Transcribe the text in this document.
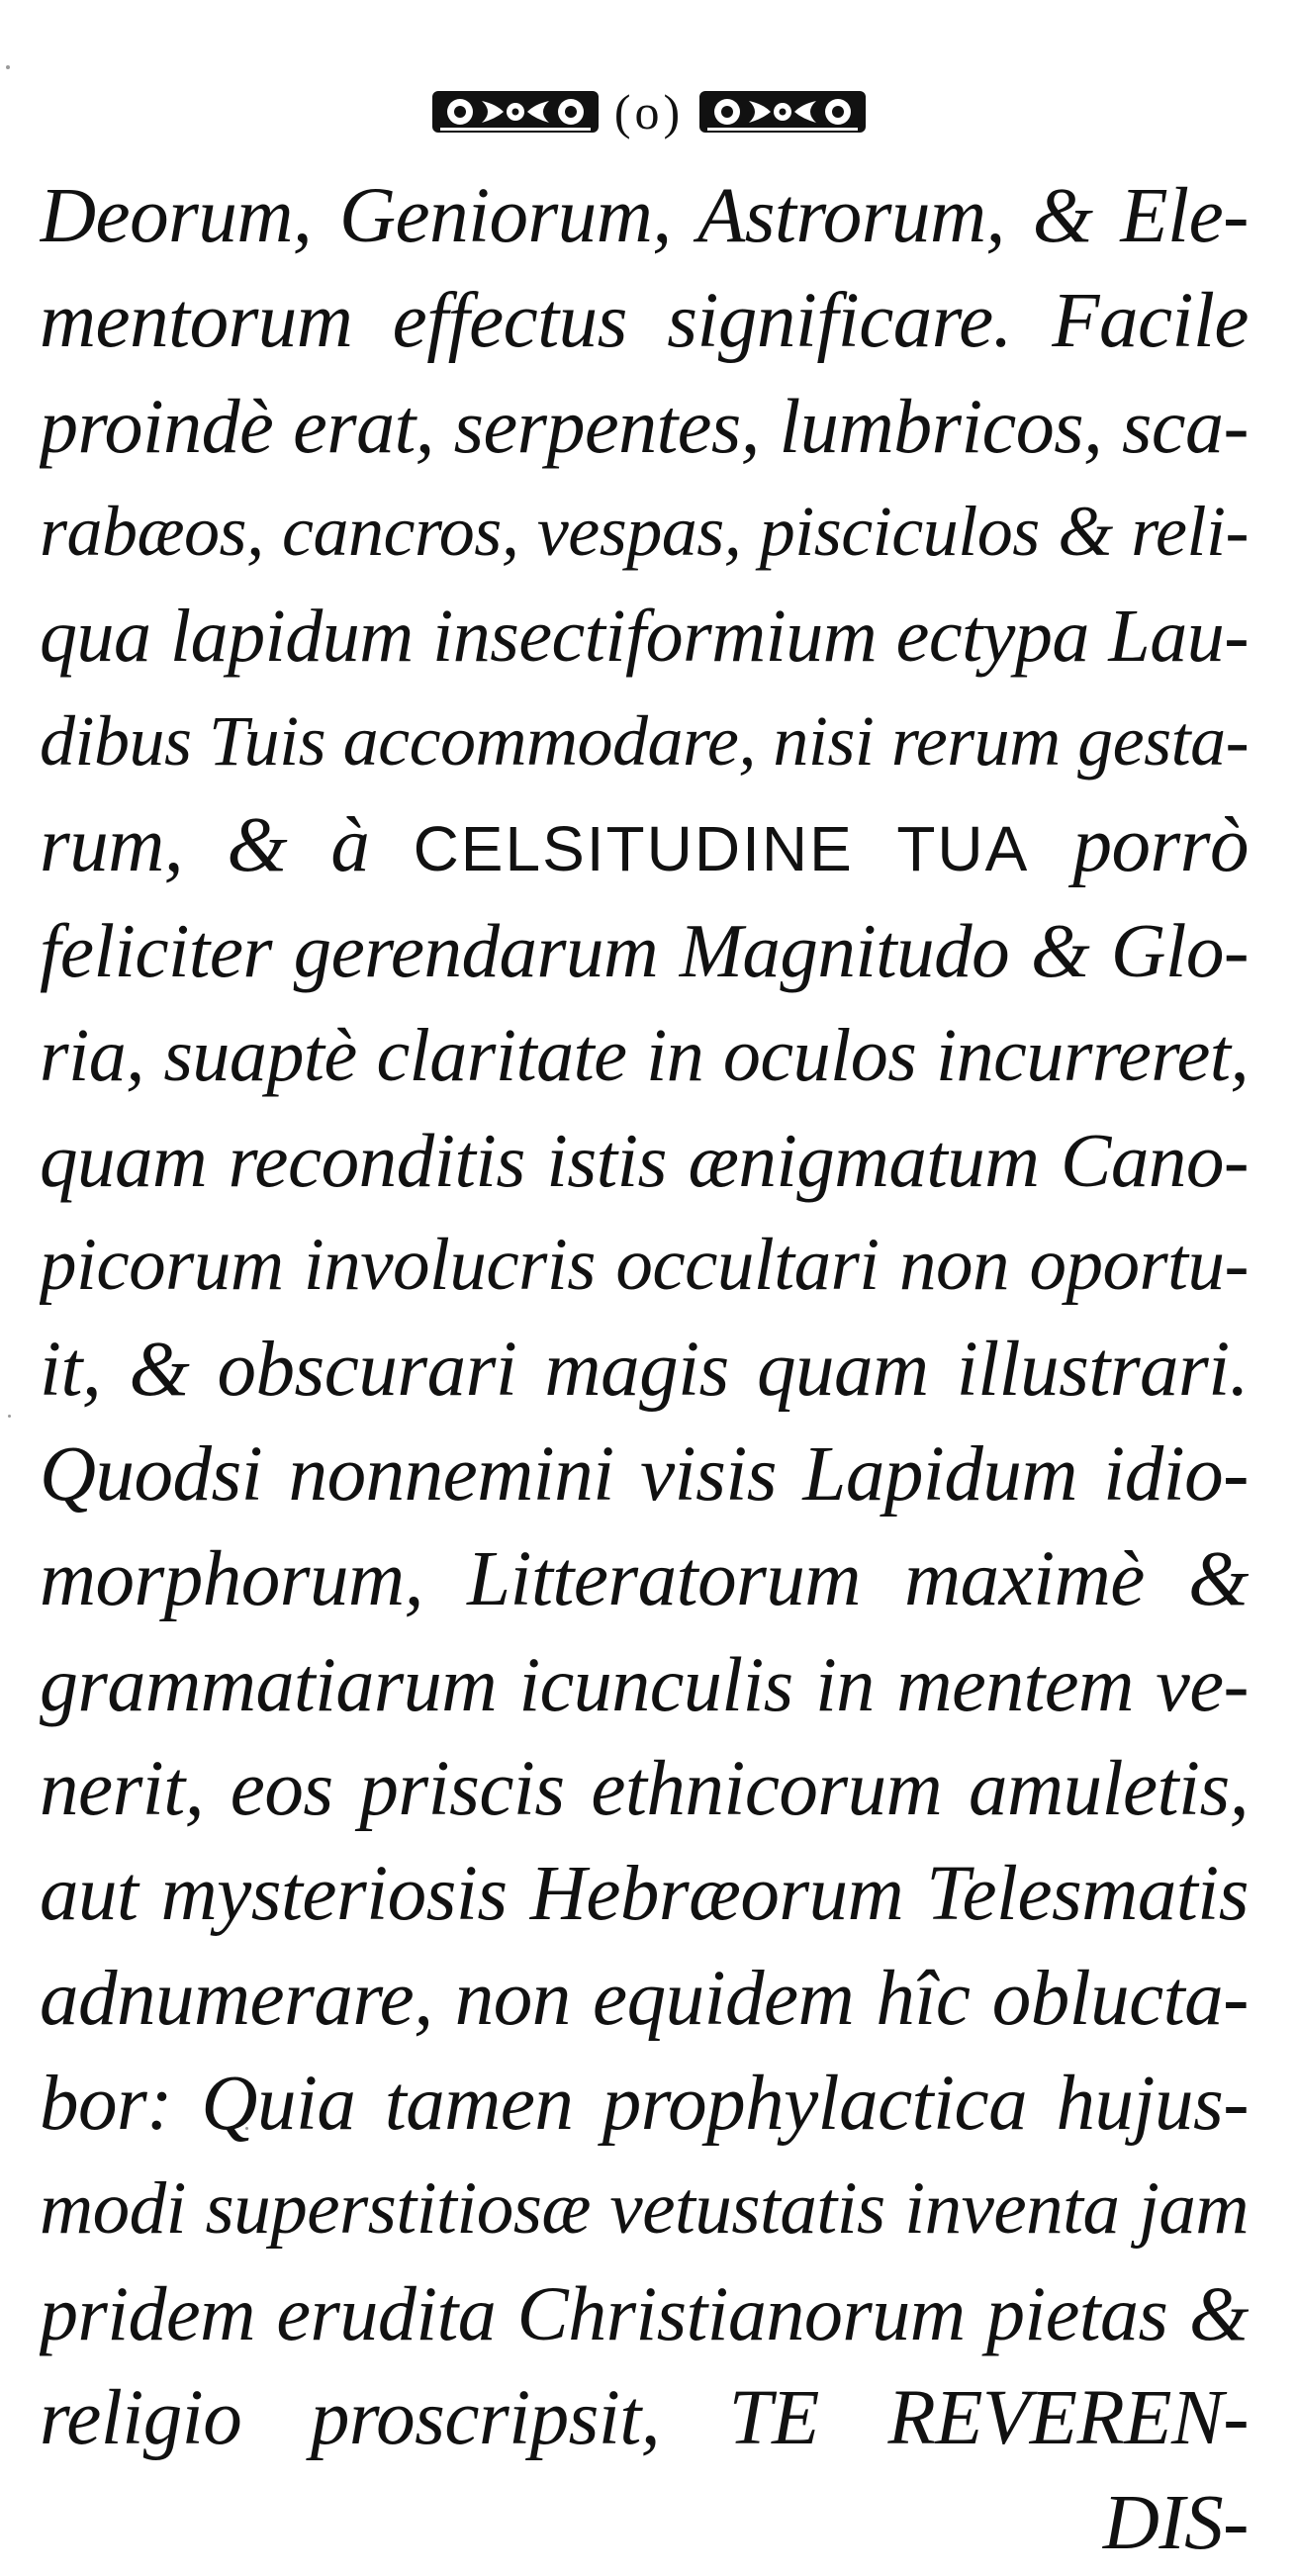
(o)
Deorum, Geniorum, Astrorum, & Ele-
mentorum effectus significare. Facile
proindè erat, serpentes, lumbricos, sca-
rabæos, cancros, vespas, pisciculos & reli-
qua lapidum insectiformium ectypa Lau-
dibus Tuis accommodare, nisi rerum gesta-
rum, & à CELSITUDINE TUA porrò
feliciter gerendarum Magnitudo & Glo-
ria, suaptè claritate in oculos incurreret,
quam reconditis istis ænigmatum Cano-
picorum involucris occultari non oportu-
it, & obscurari magis quam illustrari.
Quodsi nonnemini visis Lapidum idio-
morphorum, Litteratorum maximè &
grammatiarum icunculis in mentem ve-
nerit, eos priscis ethnicorum amuletis,
aut mysteriosis Hebræorum Telesmatis
adnumerare, non equidem hîc obluctа-
bor: Quia tamen prophylactica hujus-
modi superstitiosæ vetustatis inventa jam
pridem erudita Christianorum pietas &
religio proscripsit, TE REVEREN-
DIS-
